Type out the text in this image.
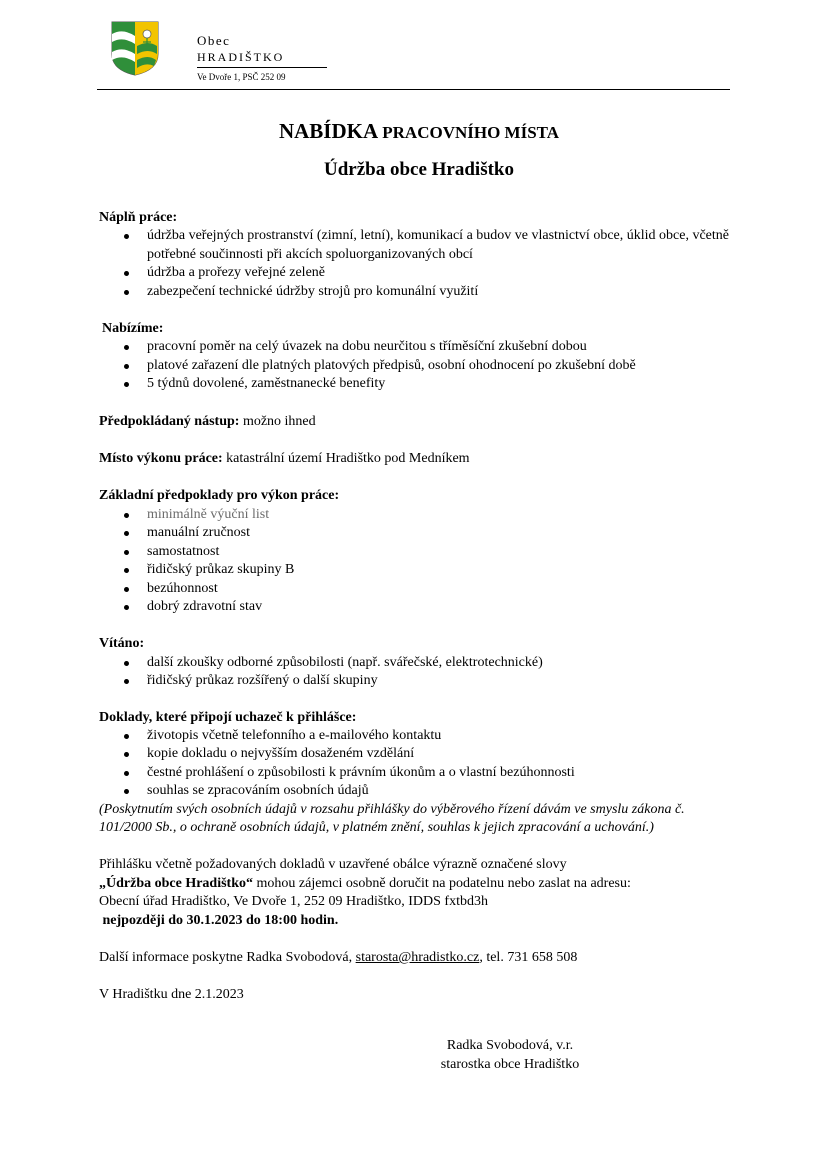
Obec
HRADIŠTKO
Ve Dvoře 1, PSČ 252 09
NABÍDKA PRACOVNÍHO MÍSTA
Údržba obce Hradištko
Náplň práce:
údržba veřejných prostranství (zimní, letní), komunikací a budov ve vlastnictví obce, úklid obce, včetně potřebné součinnosti při akcích spoluorganizovaných obcí
údržba a prořezy veřejné zeleně
zabezpečení technické údržby strojů pro komunální využití
Nabízíme:
pracovní poměr na celý úvazek na dobu neurčitou s tříměsíční zkušební dobou
platové zařazení dle platných platových předpisů, osobní ohodnocení po zkušební době
5 týdnů dovolené, zaměstnanecké benefity
Předpokládaný nástup: možno ihned
Místo výkonu práce: katastrální území Hradištko pod Medníkem
Základní předpoklady pro výkon práce:
minimálně výuční list
manuální zručnost
samostatnost
řidičský průkaz skupiny B
bezúhonnost
dobrý zdravotní stav
Vítáno:
další zkoušky odborné způsobilosti (např. svářečské, elektrotechnické)
řidičský průkaz rozšířený o další skupiny
Doklady, které připojí uchazeč k přihlášce:
životopis včetně telefonního a e-mailového kontaktu
kopie dokladu o nejvyšším dosaženém vzdělání
čestné prohlášení o způsobilosti k právním úkonům a o vlastní bezúhonnosti
souhlas se zpracováním osobních údajů
(Poskytnutím svých osobních údajů v rozsahu přihlášky do výběrového řízení dávám ve smyslu zákona č. 101/2000 Sb., o ochraně osobních údajů, v platném znění, souhlas k jejich zpracování a uchování.)
Přihlášku včetně požadovaných dokladů v uzavřené obálce výrazně označené slovy
„Údržba obce Hradištko“ mohou zájemci osobně doručit na podatelnu nebo zaslat na adresu:
Obecní úřad Hradištko, Ve Dvoře 1, 252 09 Hradištko, IDDS fxtbd3h
nejpozději do 30.1.2023 do 18:00 hodin.
Další informace poskytne Radka Svobodová, starosta@hradistko.cz, tel. 731 658 508
V Hradištku dne 2.1.2023
Radka Svobodová, v.r.
starostka obce Hradištko
